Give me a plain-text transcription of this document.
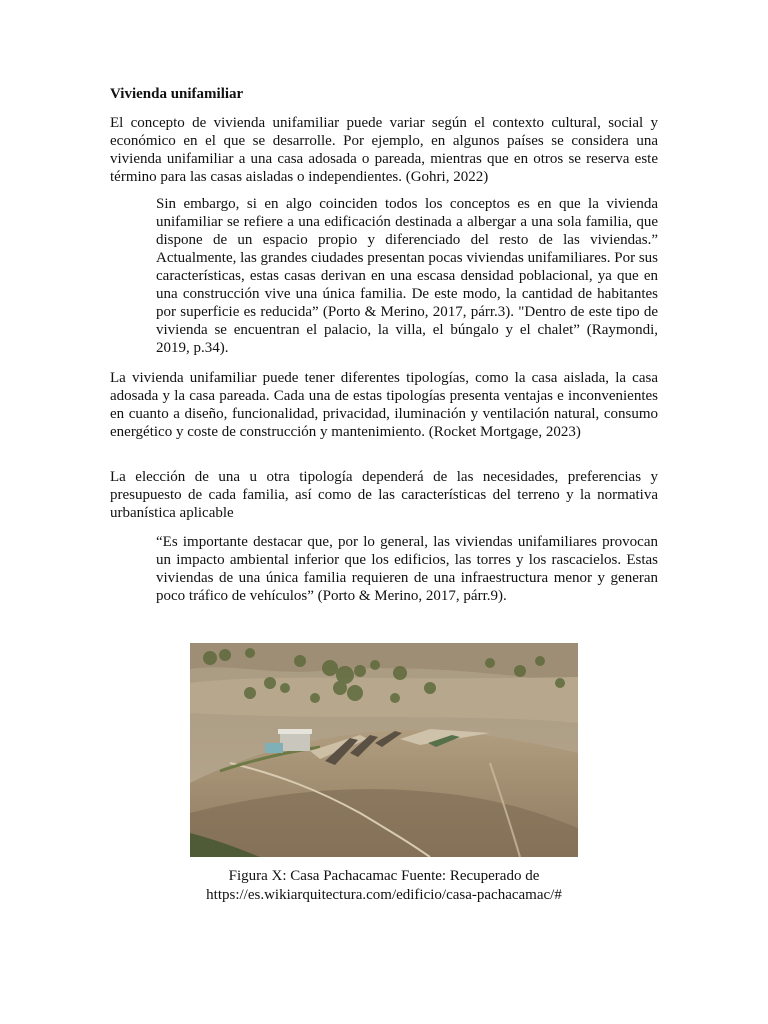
Vivienda unifamiliar

El concepto de vivienda unifamiliar puede variar según el contexto cultural, social y económico en el que se desarrolle. Por ejemplo, en algunos países se considera una vivienda unifamiliar a una casa adosada o pareada, mientras que en otros se reserva este término para las casas aisladas o independientes. (Gohri, 2022)

Sin embargo, si en algo coinciden todos los conceptos es en que la vivienda unifamiliar se refiere a una edificación destinada a albergar a una sola familia, que dispone de un espacio propio y diferenciado del resto de las viviendas.” Actualmente, las grandes ciudades presentan pocas viviendas unifamiliares. Por sus características, estas casas derivan en una escasa densidad poblacional, ya que en una construcción vive una única familia. De este modo, la cantidad de habitantes por superficie es reducida” (Porto & Merino, 2017, párr.3). "Dentro de este tipo de vivienda se encuentran el palacio, la villa, el búngalo y el chalet” (Raymondi, 2019, p.34).

La vivienda unifamiliar puede tener diferentes tipologías, como la casa aislada, la casa adosada y la casa pareada. Cada una de estas tipologías presenta ventajas e inconvenientes en cuanto a diseño, funcionalidad, privacidad, iluminación y ventilación natural, consumo energético y coste de construcción y mantenimiento. (Rocket Mortgage, 2023)

La elección de una u otra tipología dependerá de las necesidades, preferencias y presupuesto de cada familia, así como de las características del terreno y la normativa urbanística aplicable

“Es importante destacar que, por lo general, las viviendas unifamiliares provocan un impacto ambiental inferior que los edificios, las torres y los rascacielos. Estas viviendas de una única familia requieren de una infraestructura menor y generan poco tráfico de vehículos” (Porto & Merino, 2017, párr.9).

Figura X: Casa Pachacamac Fuente: Recuperado de
https://es.wikiarquitectura.com/edificio/casa-pachacamac/#
